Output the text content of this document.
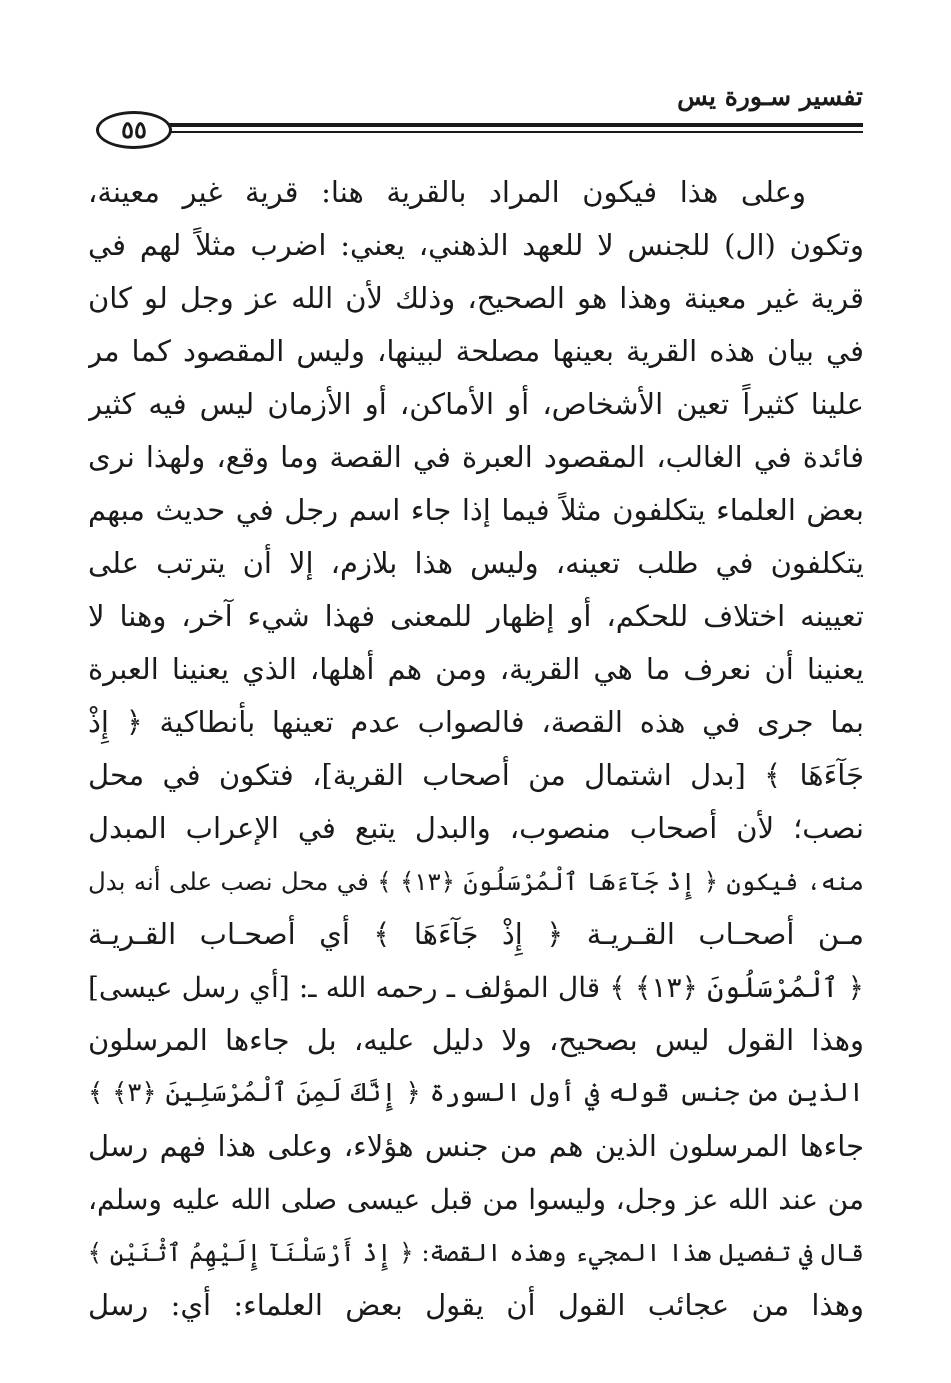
تفسير سـورة يس
٥٥
وعلى هذا فيكون المراد بالقرية هنا: قرية غير معينة،
وتكون (ال) للجنس لا للعهد الذهني، يعني: اضرب مثلاً لهم في
قرية غير معينة وهذا هو الصحيح، وذلك لأن الله عز وجل لو كان
في بيان هذه القرية بعينها مصلحة لبينها، وليس المقصود كما مر
علينا كثيراً تعين الأشخاص، أو الأماكن، أو الأزمان ليس فيه كثير
فائدة في الغالب، المقصود العبرة في القصة وما وقع، ولهذا نرى
بعض العلماء يتكلفون مثلاً فيما إذا جاء اسم رجل في حديث مبهم
يتكلفون في طلب تعينه، وليس هذا بلازم، إلا أن يترتب على
تعيينه اختلاف للحكم، أو إظهار للمعنى فهذا شيء آخر، وهنا لا
يعنينا أن نعرف ما هي القرية، ومن هم أهلها، الذي يعنينا العبرة
بما جرى في هذه القصة، فالصواب عدم تعينها بأنطاكية ﴿ إِذْ
جَآءَهَا ﴾ [بدل اشتمال من أصحاب القرية]، فتكون في محل
نصب؛ لأن أصحاب منصوب، والبدل يتبع في الإعراب المبدل
منه، فيكون ﴿ إِذْ جَآءَهَا ٱلْمُرْسَلُونَ ﴿١٣﴾ ﴾ في محل نصب على أنه بدل
مـن أصحـاب القـريـة ﴿ إِذْ جَآءَهَا ﴾ أي أصحـاب القـريـة
﴿ ٱلْمُرْسَلُونَ ﴿١٣﴾ ﴾ قال المؤلف ـ رحمه الله ـ: [أي رسل عيسى]
وهذا القول ليس بصحيح، ولا دليل عليه، بل جاءها المرسلون
الذين من جنس قوله في أول السورة ﴿ إِنَّكَ لَمِنَ ٱلْمُرْسَلِينَ ﴿٣﴾ ﴾
جاءها المرسلون الذين هم من جنس هؤلاء، وعلى هذا فهم رسل
من عند الله عز وجل، وليسوا من قبل عيسى صلى الله عليه وسلم،
قال في تفصيل هذا المجيء وهذه القصة: ﴿ إِذْ أَرْسَلْنَآ إِلَيْهِمُ ٱثْنَيْنِ ﴾
وهذا من عجائب القول أن يقول بعض العلماء: أي: رسل
